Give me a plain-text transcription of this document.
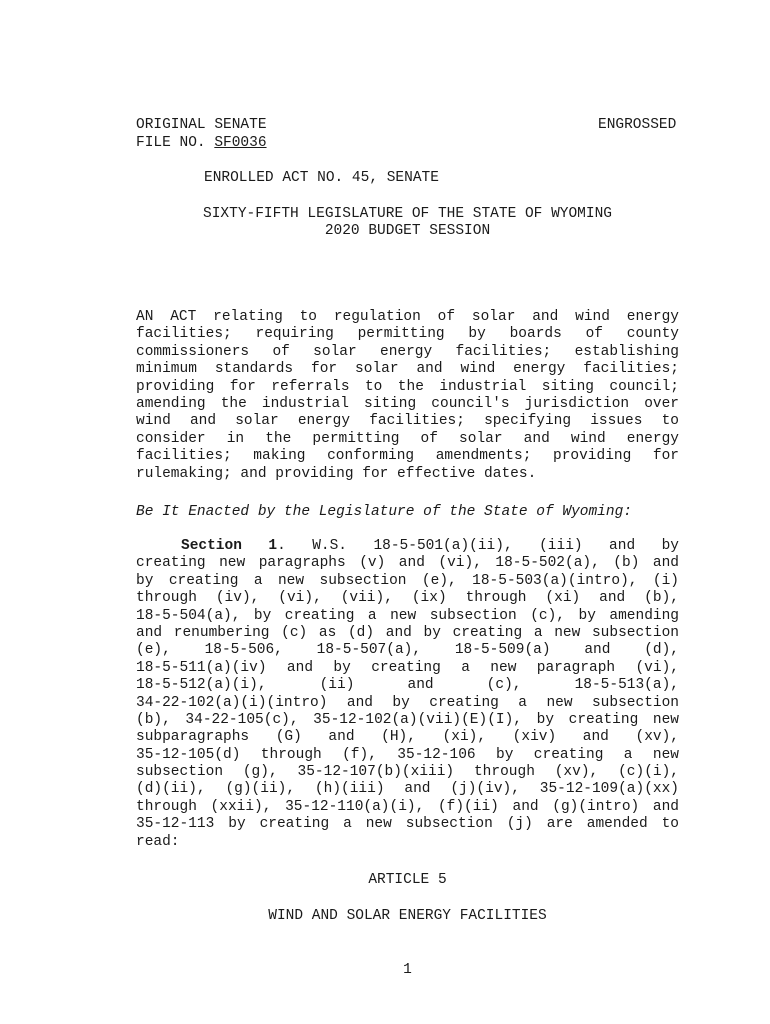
ORIGINAL SENATE
FILE NO. SF0036
ENGROSSED
ENROLLED ACT NO. 45, SENATE
SIXTY-FIFTH LEGISLATURE OF THE STATE OF WYOMING
2020 BUDGET SESSION
AN ACT relating to regulation of solar and wind energy
facilities; requiring permitting by boards of county
commissioners of solar energy facilities; establishing
minimum standards for solar and wind energy facilities;
providing for referrals to the industrial siting council;
amending the industrial siting council's jurisdiction over
wind and solar energy facilities; specifying issues to
consider in the permitting of solar and wind energy
facilities; making conforming amendments; providing for
rulemaking; and providing for effective dates.
Be It Enacted by the Legislature of the State of Wyoming:
Section 1. W.S. 18-5-501(a)(ii), (iii) and by
creating new paragraphs (v) and (vi), 18-5-502(a), (b) and
by creating a new subsection (e), 18-5-503(a)(intro), (i)
through (iv), (vi), (vii), (ix) through (xi) and (b),
18-5-504(a), by creating a new subsection (c), by amending
and renumbering (c) as (d) and by creating a new subsection
(e), 18-5-506, 18-5-507(a), 18-5-509(a) and (d),
18-5-511(a)(iv) and by creating a new paragraph (vi),
18-5-512(a)(i), (ii) and (c), 18-5-513(a),
34-22-102(a)(i)(intro) and by creating a new subsection
(b), 34-22-105(c), 35-12-102(a)(vii)(E)(I), by creating new
subparagraphs (G) and (H), (xi), (xiv) and (xv),
35-12-105(d) through (f), 35-12-106 by creating a new
subsection (g), 35-12-107(b)(xiii) through (xv), (c)(i),
(d)(ii), (g)(ii), (h)(iii) and (j)(iv), 35-12-109(a)(xx)
through (xxii), 35-12-110(a)(i), (f)(ii) and (g)(intro) and
35-12-113 by creating a new subsection (j) are amended to
read:
ARTICLE 5
WIND AND SOLAR ENERGY FACILITIES
1
